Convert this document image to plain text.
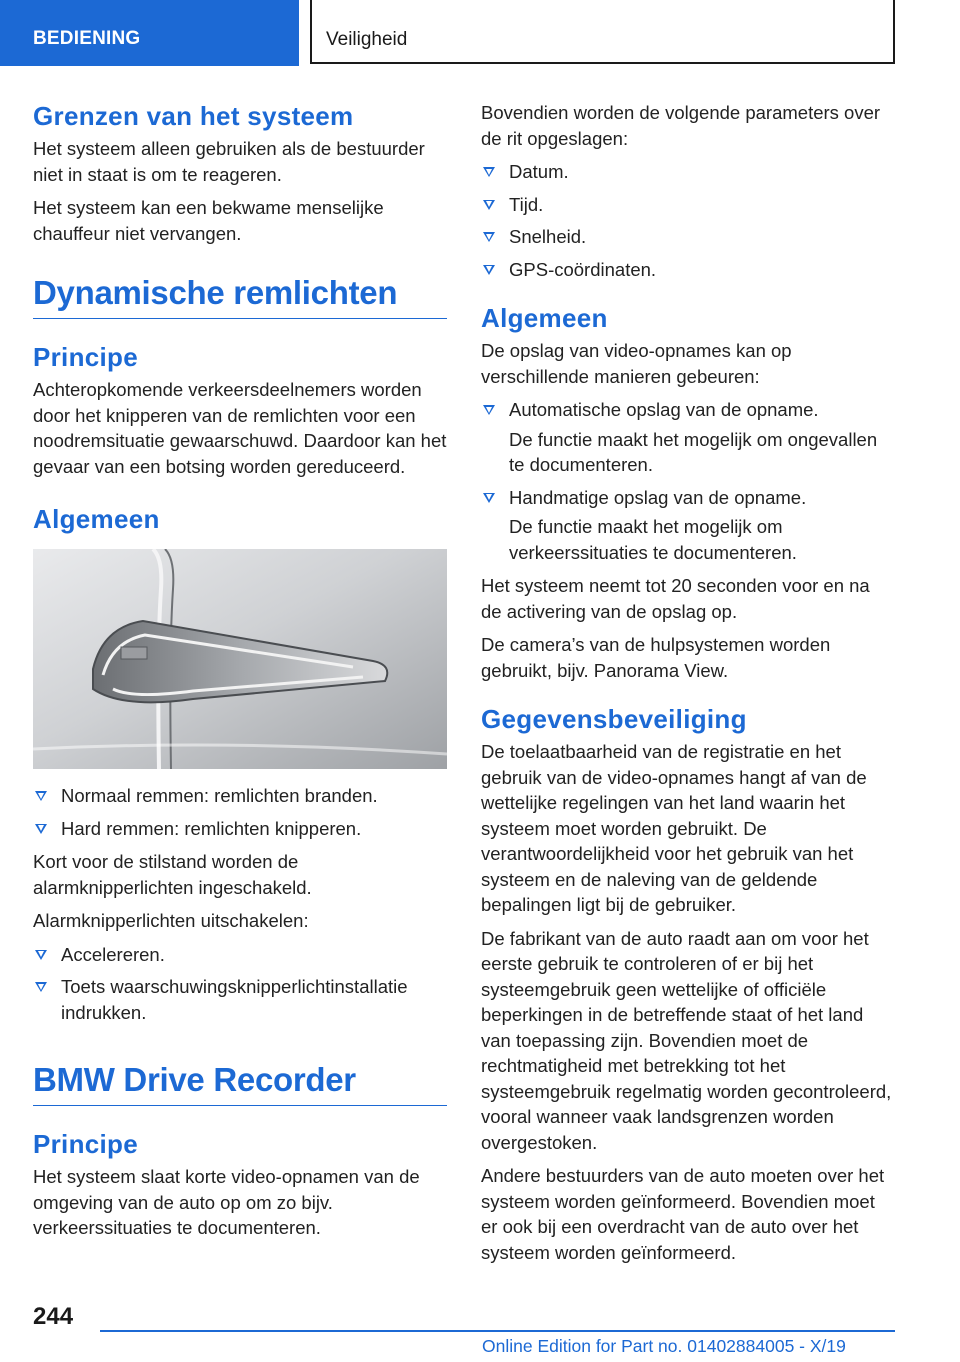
BEDIENING	Veiligheid
Grenzen van het systeem

Het systeem alleen gebruiken als de bestuurder niet in staat is om te reageren.

Het systeem kan een bekwame menselijke chauffeur niet vervangen.

Dynamische remlichten
Principe

Achteropkomende verkeersdeelnemers worden door het knipperen van de remlichten voor een noodremsituatie gewaarschuwd. Daardoor kan het gevaar van een botsing worden gereduceerd.

Algemeen
Normaal remmen: remlichten branden.
Hard remmen: remlichten knipperen.

Kort voor de stilstand worden de alarmknipperlichten ingeschakeld.

Alarmknipperlichten uitschakelen:

Accelereren.
Toets waarschuwingsknipperlichtinstallatie indrukken.
BMW Drive Recorder
Principe

Het systeem slaat korte video-opnamen van de omgeving van de auto op om zo bijv. verkeerssituaties te documenteren.

Bovendien worden de volgende parameters over de rit opgeslagen:

Datum.
Tijd.
Snelheid.
GPS-coördinaten.
Algemeen

De opslag van video-opnames kan op verschillende manieren gebeuren:

Automatische opslag van de opname.
De functie maakt het mogelijk om ongevallen te documenteren.
Handmatige opslag van de opname.
De functie maakt het mogelijk om verkeerssituaties te documenteren.

Het systeem neemt tot 20 seconden voor en na de activering van de opslag op.

De camera’s van de hulpsystemen worden gebruikt, bijv. Panorama View.

Gegevensbeveiliging

De toelaatbaarheid van de registratie en het gebruik van de video-opnames hangt af van de wettelijke regelingen van het land waarin het systeem moet worden gebruikt. De verantwoordelijkheid voor het gebruik van het systeem en de naleving van de geldende bepalingen ligt bij de gebruiker.

De fabrikant van de auto raadt aan om voor het eerste gebruik te controleren of er bij het systeemgebruik geen wettelijke of officiële beperkingen in de betreffende staat of het land van toepassing zijn. Bovendien moet de rechtmatigheid met betrekking tot het systeemgebruik regelmatig worden gecontroleerd, vooral wanneer vaak landsgrenzen worden overgestoken.

Andere bestuurders van de auto moeten over het systeem worden geïnformeerd. Bovendien moet er ook bij een overdracht van de auto over het systeem worden geïnformeerd.

244
Online Edition for Part no. 01402884005 - X/19
